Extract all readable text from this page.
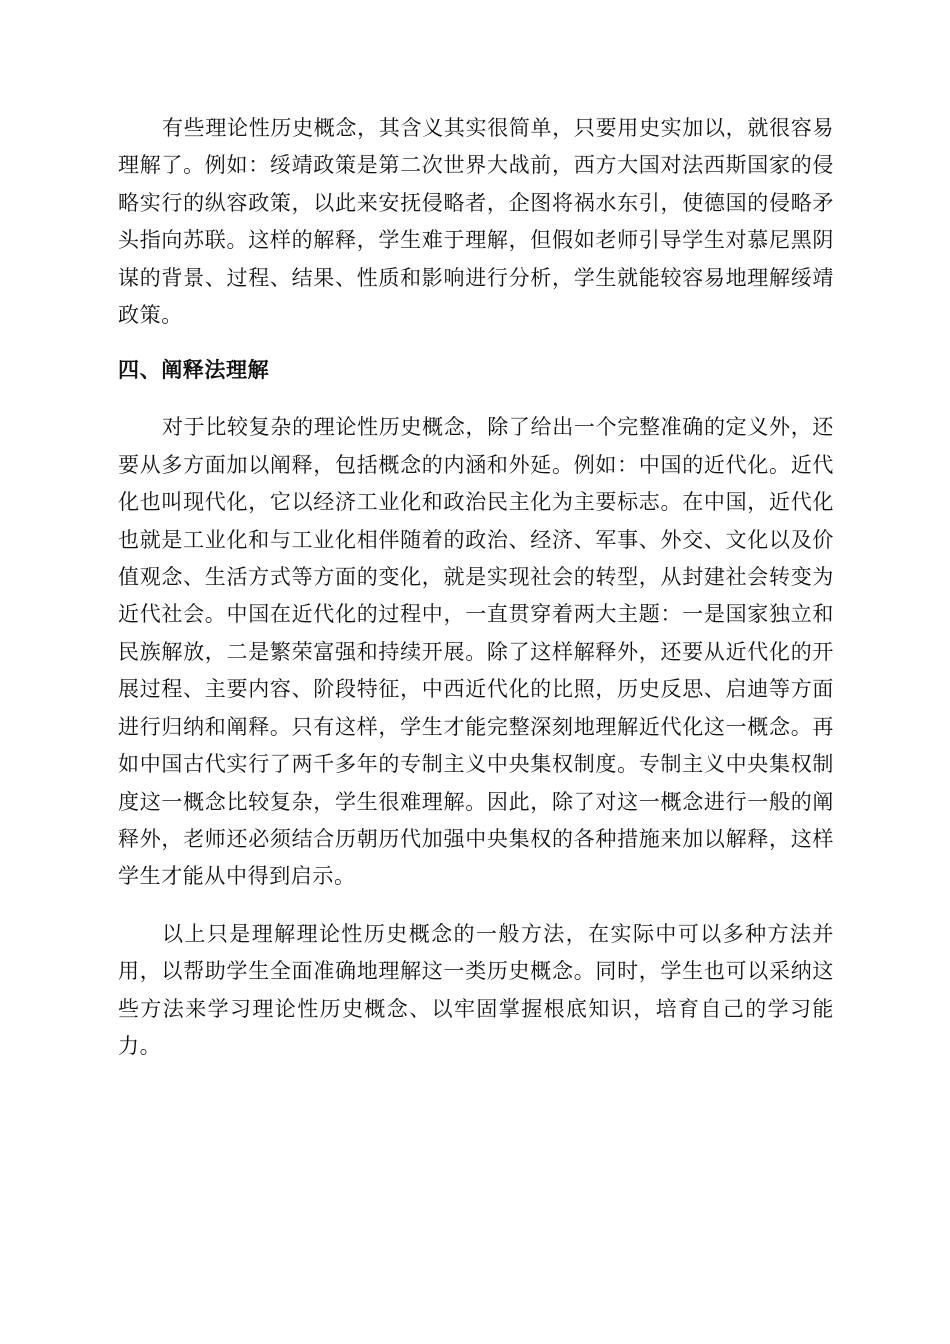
有些理论性历史概念，其含义其实很简单，只要用史实加以，就很容易理解了。例如：绥靖政策是第二次世界大战前，西方大国对法西斯国家的侵略实行的纵容政策，以此来安抚侵略者，企图将祸水东引，使德国的侵略矛头指向苏联。这样的解释，学生难于理解，但假如老师引导学生对慕尼黑阴谋的背景、过程、结果、性质和影响进行分析，学生就能较容易地理解绥靖政策。

四、阐释法理解

对于比较复杂的理论性历史概念，除了给出一个完整准确的定义外，还要从多方面加以阐释，包括概念的内涵和外延。例如：中国的近代化。近代化也叫现代化，它以经济工业化和政治民主化为主要标志。在中国，近代化也就是工业化和与工业化相伴随着的政治、经济、军事、外交、文化以及价值观念、生活方式等方面的变化，就是实现社会的转型，从封建社会转变为近代社会。中国在近代化的过程中，一直贯穿着两大主题：一是国家独立和民族解放，二是繁荣富强和持续开展。除了这样解释外，还要从近代化的开展过程、主要内容、阶段特征，中西近代化的比照，历史反思、启迪等方面进行归纳和阐释。只有这样，学生才能完整深刻地理解近代化这一概念。再如中国古代实行了两千多年的专制主义中央集权制度。专制主义中央集权制度这一概念比较复杂，学生很难理解。因此，除了对这一概念进行一般的阐释外，老师还必须结合历朝历代加强中央集权的各种措施来加以解释，这样学生才能从中得到启示。

以上只是理解理论性历史概念的一般方法，在实际中可以多种方法并用，以帮助学生全面准确地理解这一类历史概念。同时，学生也可以采纳这些方法来学习理论性历史概念、以牢固掌握根底知识，培育自己的学习能力。
